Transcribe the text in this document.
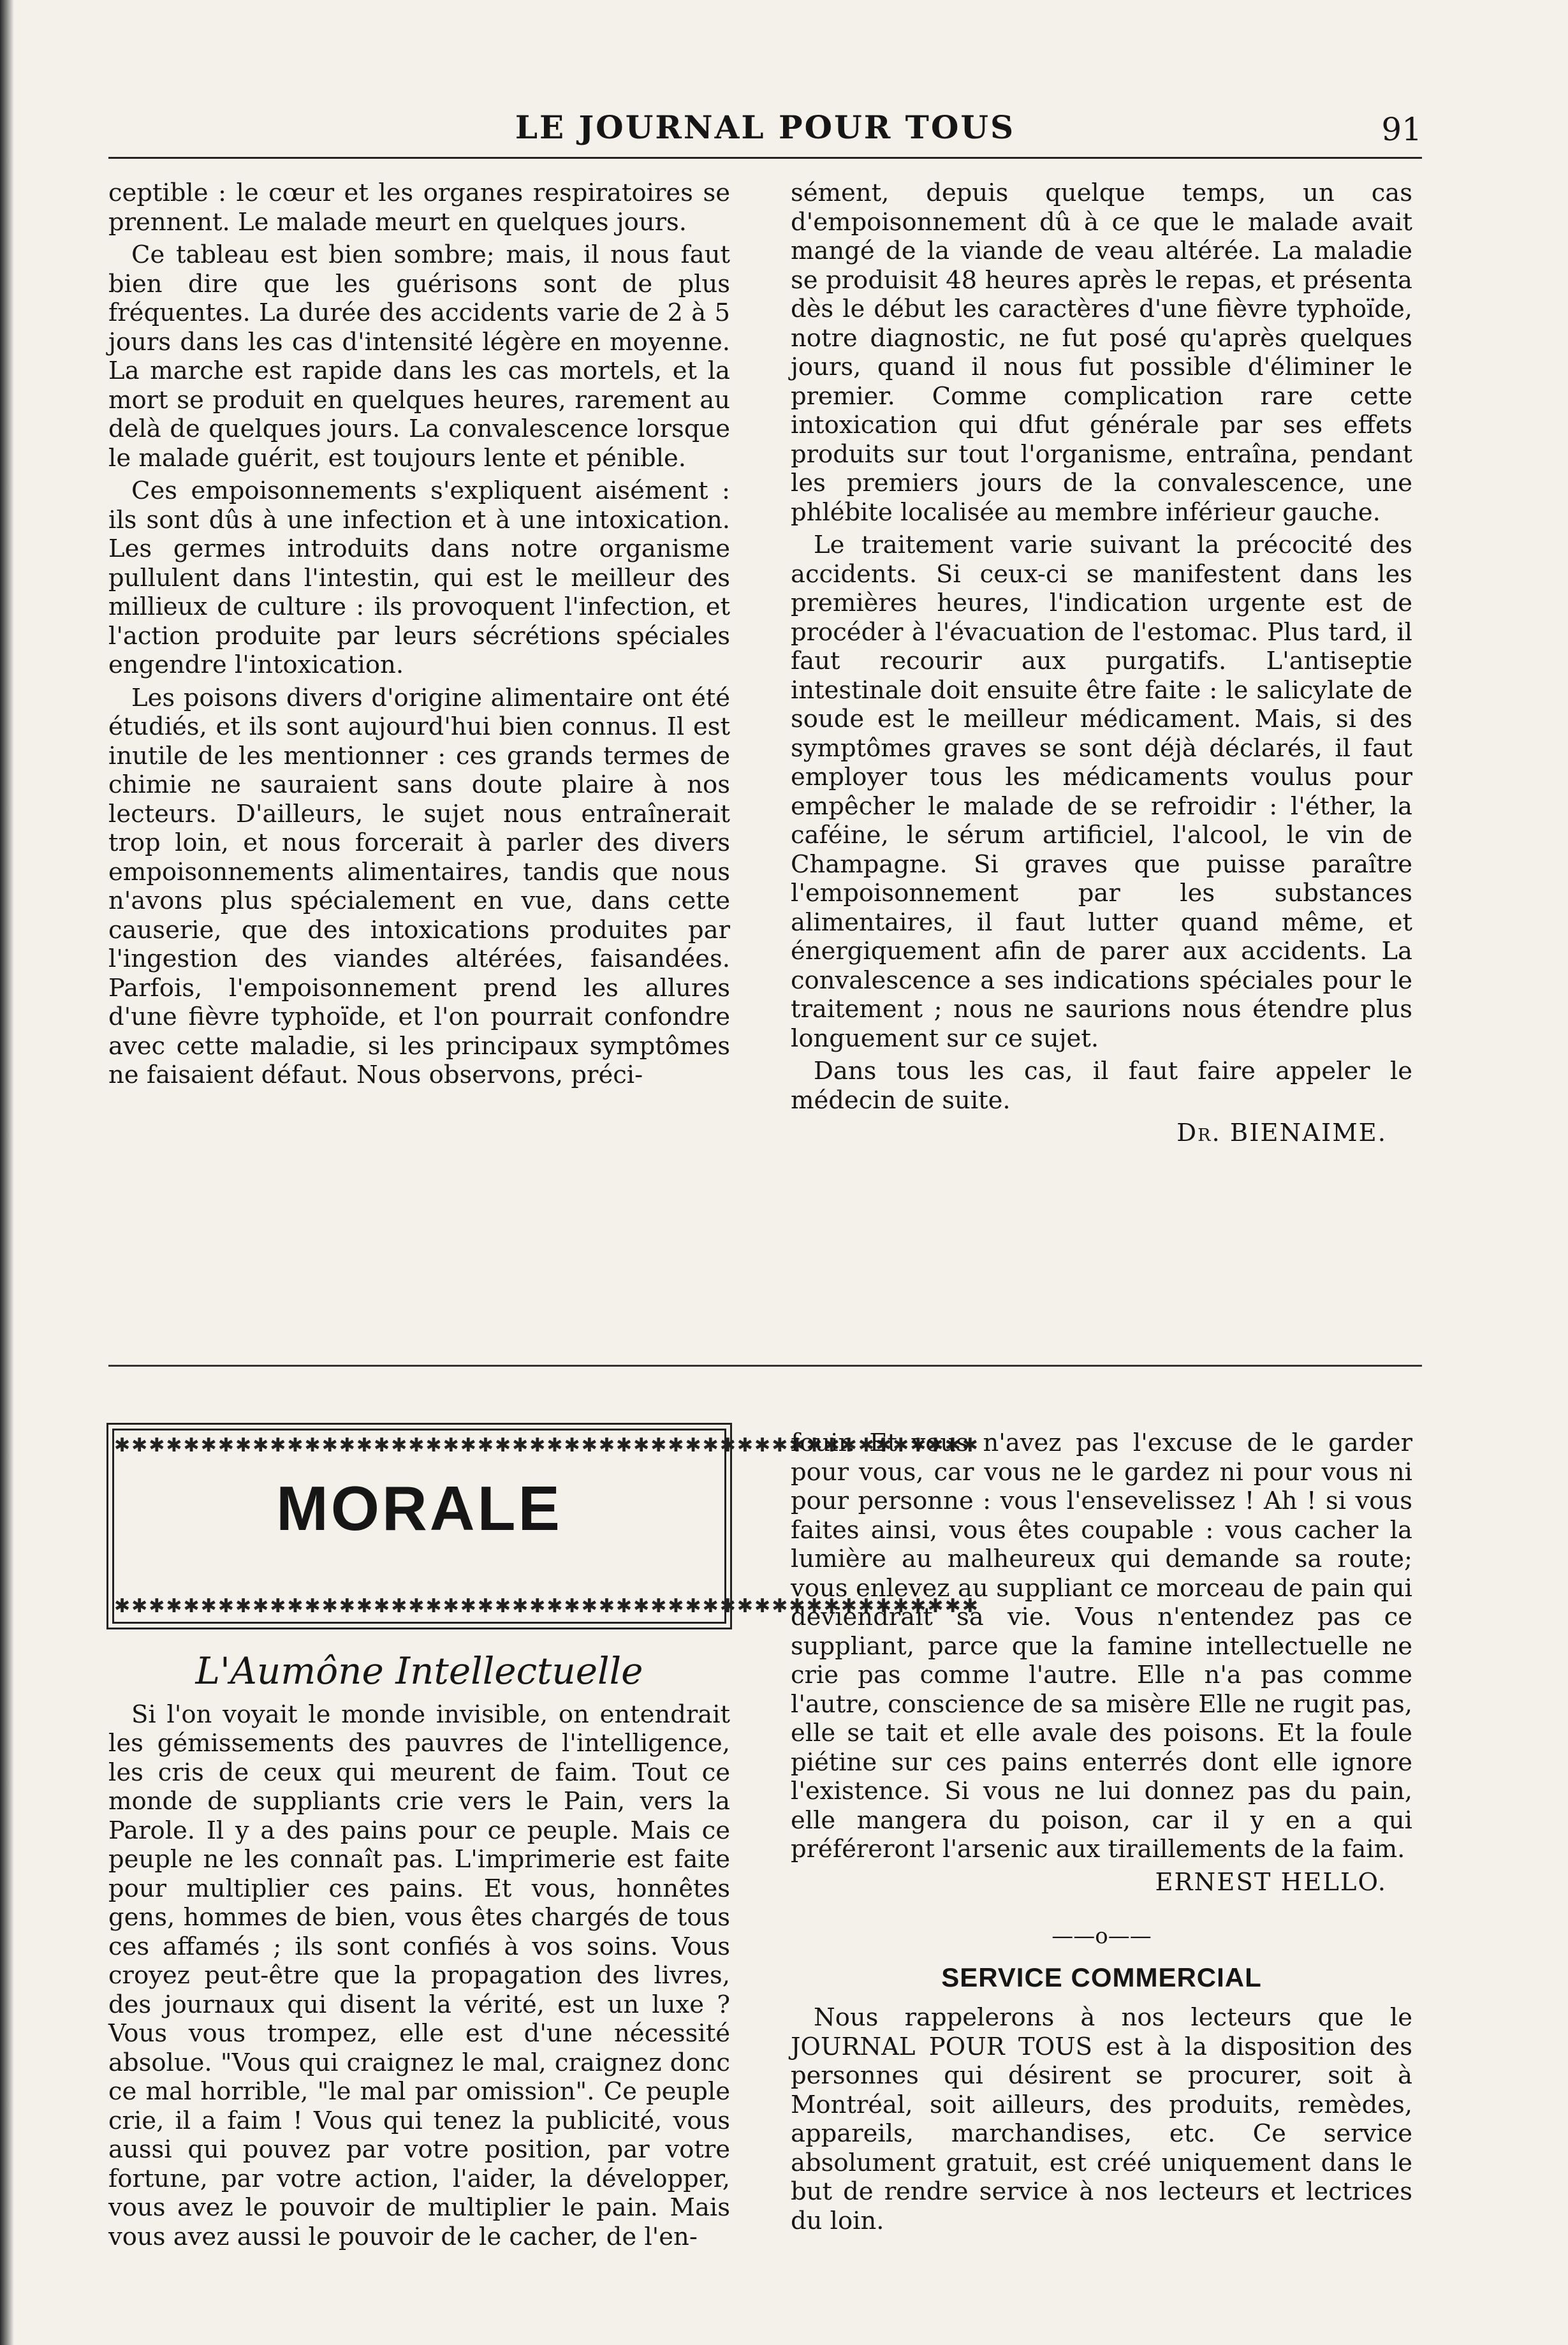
LE JOURNAL POUR TOUS	91

ceptible : le cœur et les organes respiratoires se prennent. Le malade meurt en quelques jours.

Ce tableau est bien sombre; mais, il nous faut bien dire que les guérisons sont de plus fréquentes. La durée des accidents varie de 2 à 5 jours dans les cas d'intensité légère en moyenne. La marche est rapide dans les cas mortels, et la mort se produit en quelques heures, rarement au delà de quelques jours. La convalescence lorsque le malade guérit, est toujours lente et pénible.

Ces empoisonnements s'expliquent aisément : ils sont dûs à une infection et à une intoxication. Les germes introduits dans notre organisme pullulent dans l'intestin, qui est le meilleur des millieux de culture : ils provoquent l'infection, et l'action produite par leurs sécrétions spéciales engendre l'intoxication.

Les poisons divers d'origine alimentaire ont été étudiés, et ils sont aujourd'hui bien connus. Il est inutile de les mentionner : ces grands termes de chimie ne sauraient sans doute plaire à nos lecteurs. D'ailleurs, le sujet nous entraînerait trop loin, et nous forcerait à parler des divers empoisonnements alimentaires, tandis que nous n'avons plus spécialement en vue, dans cette causerie, que des intoxications produites par l'ingestion des viandes altérées, faisandées. Parfois, l'empoisonnement prend les allures d'une fièvre typhoïde, et l'on pourrait confondre avec cette maladie, si les principaux symptômes ne faisaient défaut. Nous observons, préci-

sément, depuis quelque temps, un cas d'empoisonnement dû à ce que le malade avait mangé de la viande de veau altérée. La maladie se produisit 48 heures après le repas, et présenta dès le début les caractères d'une fièvre typhoïde, notre diagnostic, ne fut posé qu'après quelques jours, quand il nous fut possible d'éliminer le premier. Comme complication rare cette intoxication qui dfut générale par ses effets produits sur tout l'organisme, entraîna, pendant les premiers jours de la convalescence, une phlébite localisée au membre inférieur gauche.

Le traitement varie suivant la précocité des accidents. Si ceux-ci se manifestent dans les premières heures, l'indication urgente est de procéder à l'évacuation de l'estomac. Plus tard, il faut recourir aux purgatifs. L'antiseptie intestinale doit ensuite être faite : le salicylate de soude est le meilleur médicament. Mais, si des symptômes graves se sont déjà déclarés, il faut employer tous les médicaments voulus pour empêcher le malade de se refroidir : l'éther, la caféine, le sérum artificiel, l'alcool, le vin de Champagne. Si graves que puisse paraître l'empoisonnement par les substances alimentaires, il faut lutter quand même, et énergiquement afin de parer aux accidents. La convalescence a ses indications spéciales pour le traitement ; nous ne saurions nous étendre plus longuement sur ce sujet.

Dans tous les cas, il faut faire appeler le médecin de suite.

Dr. BIENAIME.
✱✱✱✱✱✱✱✱✱✱✱✱✱✱✱✱✱✱✱✱✱✱✱✱✱✱✱✱✱✱✱✱✱✱✱✱✱✱✱✱✱✱✱✱✱✱✱✱✱✱
MORALE
✱✱✱✱✱✱✱✱✱✱✱✱✱✱✱✱✱✱✱✱✱✱✱✱✱✱✱✱✱✱✱✱✱✱✱✱✱✱✱✱✱✱✱✱✱✱✱✱✱✱
L'Aumône Intellectuelle

Si l'on voyait le monde invisible, on entendrait les gémissements des pauvres de l'intelligence, les cris de ceux qui meurent de faim. Tout ce monde de suppliants crie vers le Pain, vers la Parole. Il y a des pains pour ce peuple. Mais ce peuple ne les connaît pas. L'imprimerie est faite pour multiplier ces pains. Et vous, honnêtes gens, hommes de bien, vous êtes chargés de tous ces affamés ; ils sont confiés à vos soins. Vous croyez peut-être que la propagation des livres, des journaux qui disent la vérité, est un luxe ? Vous vous trompez, elle est d'une nécessité absolue. "Vous qui craignez le mal, craignez donc ce mal horrible, "le mal par omission". Ce peuple crie, il a faim ! Vous qui tenez la publicité, vous aussi qui pouvez par votre position, par votre fortune, par votre action, l'aider, la développer, vous avez le pouvoir de multiplier le pain. Mais vous avez aussi le pouvoir de le cacher, de l'en-

fouir. Et vous n'avez pas l'excuse de le garder pour vous, car vous ne le gardez ni pour vous ni pour personne : vous l'ensevelissez ! Ah ! si vous faites ainsi, vous êtes coupable : vous cacher la lumière au malheureux qui demande sa route; vous enlevez au suppliant ce morceau de pain qui deviendrait sa vie. Vous n'entendez pas ce suppliant, parce que la famine intellectuelle ne crie pas comme l'autre. Elle n'a pas comme l'autre, conscience de sa misère Elle ne rugit pas, elle se tait et elle avale des poisons. Et la foule piétine sur ces pains enterrés dont elle ignore l'existence. Si vous ne lui donnez pas du pain, elle mangera du poison, car il y en a qui préféreront l'arsenic aux tiraillements de la faim.

ERNEST HELLO.
——o——
SERVICE COMMERCIAL

Nous rappelerons à nos lecteurs que le JOURNAL POUR TOUS est à la disposition des personnes qui désirent se procurer, soit à Montréal, soit ailleurs, des produits, remèdes, appareils, marchandises, etc. Ce service absolument gratuit, est créé uniquement dans le but de rendre service à nos lecteurs et lectrices du loin.
